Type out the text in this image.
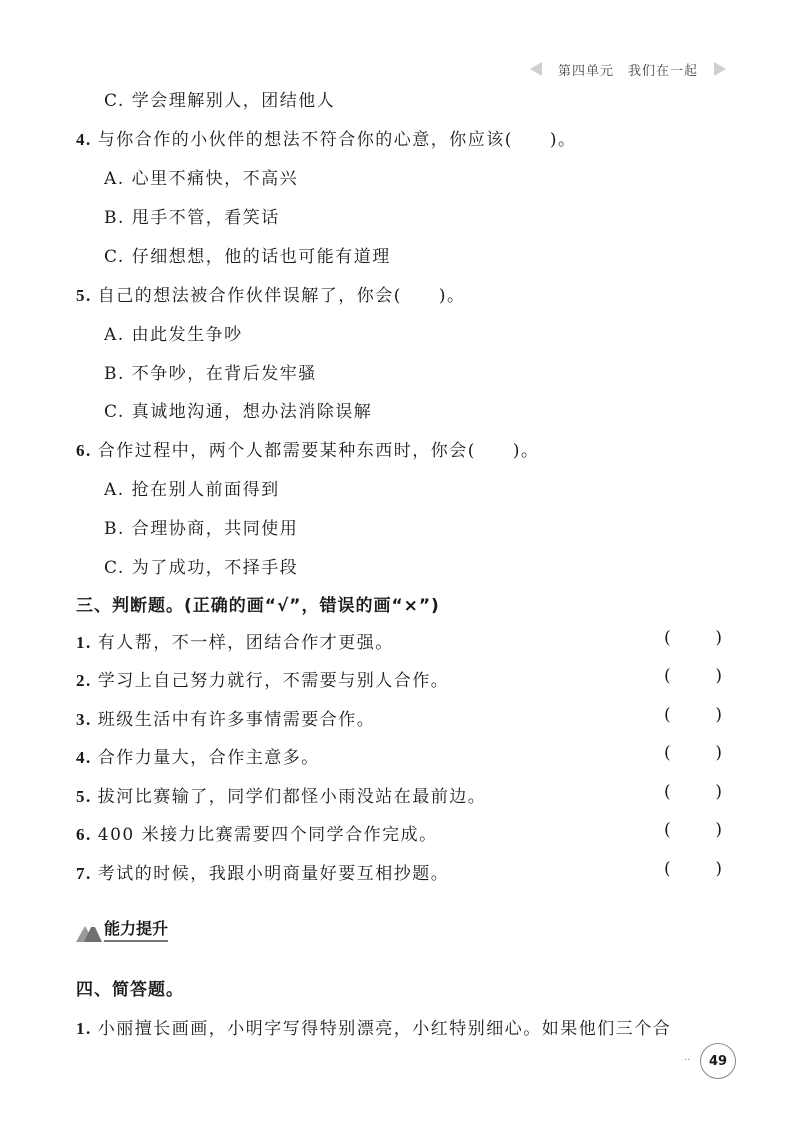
第四单元　我们在一起
C. 学会理解别人，团结他人
4. 与你合作的小伙伴的想法不符合你的心意，你应该(　　)。
A. 心里不痛快，不高兴
B. 甩手不管，看笑话
C. 仔细想想，他的话也可能有道理
5. 自己的想法被合作伙伴误解了，你会(　　)。
A. 由此发生争吵
B. 不争吵，在背后发牢骚
C. 真诚地沟通，想办法消除误解
6. 合作过程中，两个人都需要某种东西时，你会(　　)。
A. 抢在别人前面得到
B. 合理协商，共同使用
C. 为了成功，不择手段
三、判断题。(正确的画“√”，错误的画“×”)
1. 有人帮，不一样，团结合作才更强。	(	)
2. 学习上自己努力就行，不需要与别人合作。	(	)
3. 班级生活中有许多事情需要合作。	(	)
4. 合作力量大，合作主意多。	(	)
5. 拔河比赛输了，同学们都怪小雨没站在最前边。	(	)
6. 400 米接力比赛需要四个同学合作完成。	(	)
7. 考试的时候，我跟小明商量好要互相抄题。	(	)
能力提升
四、简答题。
1. 小丽擅长画画，小明字写得特别漂亮，小红特别细心。如果他们三个合
··	49
